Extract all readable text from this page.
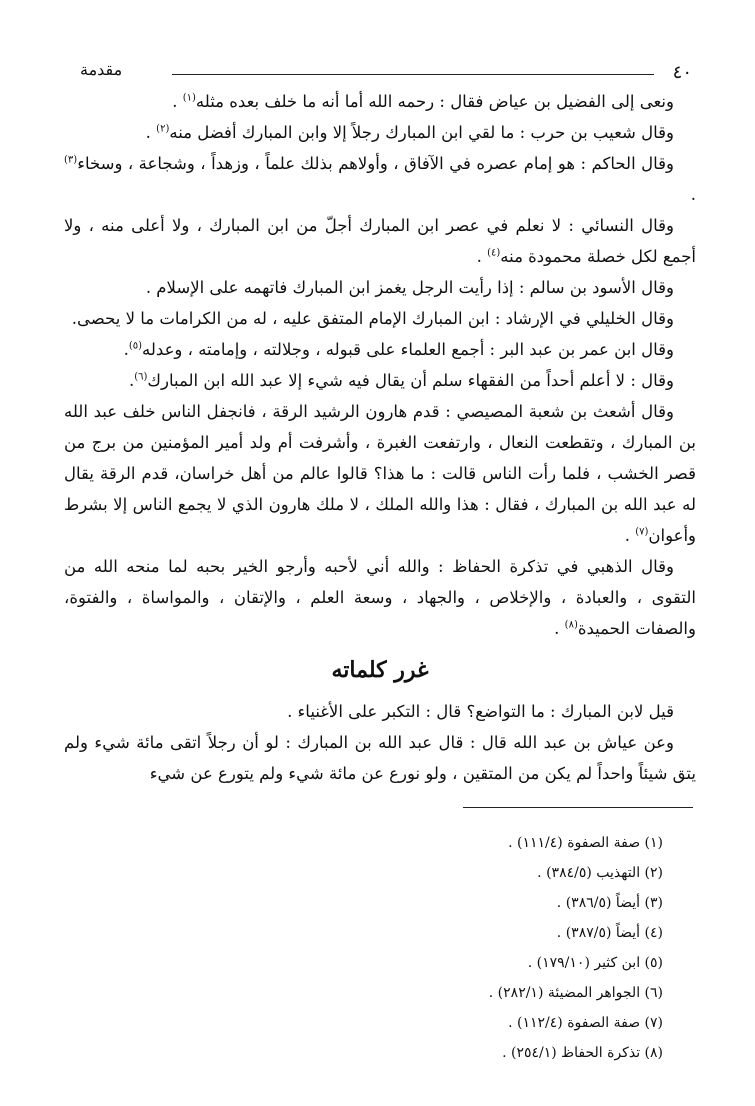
٤٠
مقدمة

ونعى إلى الفضيل بن عياض فقال : رحمه الله أما أنه ما خلف بعده مثله$^{(١)}$ .

وقال شعيب بن حرب : ما لقي ابن المبارك رجلاً إلا وابن المبارك أفضل منه$^{(٢)}$ .

وقال الحاكم : هو إمام عصره في الآفاق ، وأولاهم بذلك علماً ، وزهداً ، وشجاعة ، وسخاء$^{(٣)}$ .

وقال النسائي : لا نعلم في عصر ابن المبارك أجلّ من ابن المبارك ، ولا أعلى منه ، ولا أجمع لكل خصلة محمودة منه$^{(٤)}$ .

وقال الأسود بن سالم : إذا رأيت الرجل يغمز ابن المبارك فاتهمه على الإسلام .

وقال الخليلي في الإرشاد : ابن المبارك الإمام المتفق عليه ، له من الكرامات ما لا يحصى.

وقال ابن عمر بن عبد البر : أجمع العلماء على قبوله ، وجلالته ، وإمامته ، وعدله$^{(٥)}$.

وقال : لا أعلم أحداً من الفقهاء سلم أن يقال فيه شيء إلا عبد الله ابن المبارك$^{(٦)}$.

وقال أشعث بن شعبة المصيصي : قدم هارون الرشيد الرقة ، فانجفل الناس خلف عبد الله بن المبارك ، وتقطعت النعال ، وارتفعت الغبرة ، وأشرفت أم ولد أمير المؤمنين من برج من قصر الخشب ، فلما رأت الناس قالت : ما هذا؟ قالوا عالم من أهل خراسان، قدم الرقة يقال له عبد الله بن المبارك ، فقال : هذا والله الملك ، لا ملك هارون الذي لا يجمع الناس إلا بشرط وأعوان$^{(٧)}$ .

وقال الذهبي في تذكرة الحفاظ : والله أني لأحبه وأرجو الخير بحبه لما منحه الله من التقوى ، والعبادة ، والإخلاص ، والجهاد ، وسعة العلم ، والإتقان ، والمواساة ، والفتوة، والصفات الحميدة$^{(٨)}$ .

غرر كلماته

قيل لابن المبارك : ما التواضع؟ قال : التكبر على الأغنياء .

وعن عياش بن عبد الله قال : قال عبد الله بن المبارك : لو أن رجلاً اتقى مائة شيء ولم يتق شيئاً واحداً لم يكن من المتقين ، ولو نورع عن مائة شيء ولم يتورع عن شيء

(١) صفة الصفوة (١١١/٤) .
(٢) التهذيب (٣٨٤/٥) .
(٣) أيضاً (٣٨٦/٥) .
(٤) أيضاً (٣٨٧/٥) .
(٥) ابن كثير (١٧٩/١٠) .
(٦) الجواهر المضيئة (٢٨٢/١) .
(٧) صفة الصفوة (١١٢/٤) .
(٨) تذكرة الحفاظ (٢٥٤/١) .
